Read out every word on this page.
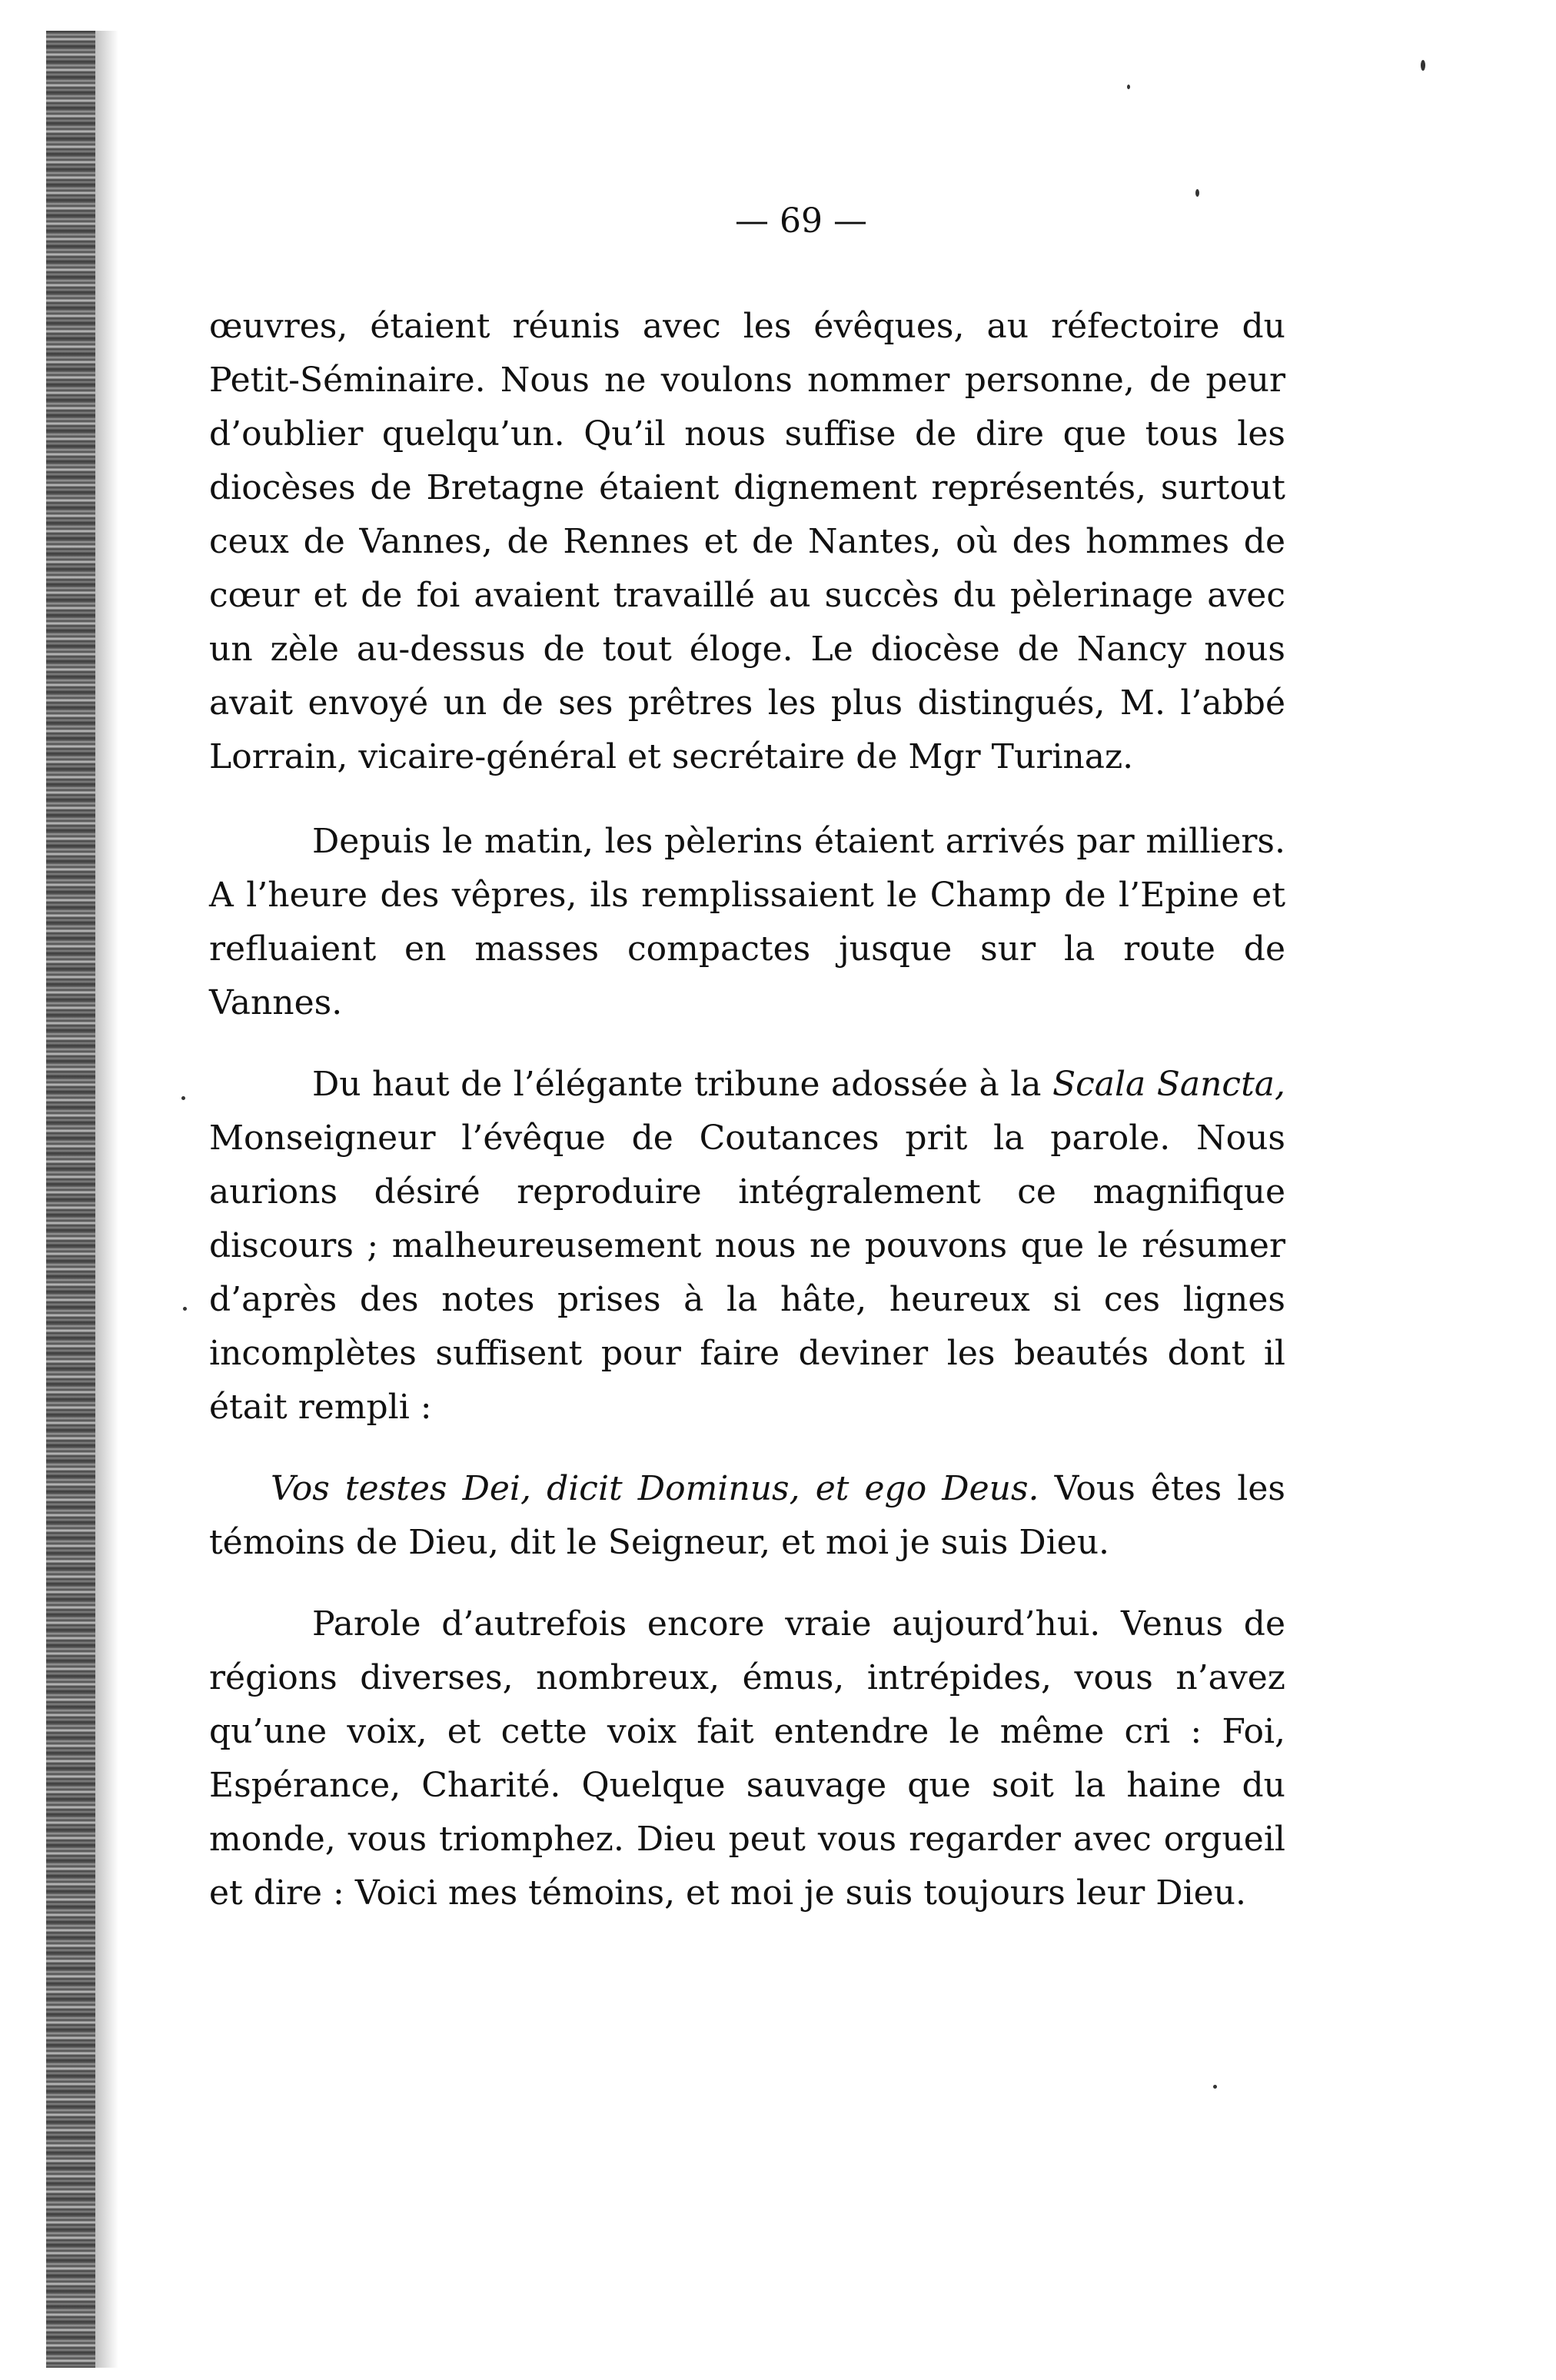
— 69 —

œuvres, étaient réunis avec les évêques, au réfectoire du Petit-Séminaire. Nous ne voulons nommer personne, de peur d’oublier quelqu’un. Qu’il nous suffise de dire que tous les diocèses de Bretagne étaient dignement représentés, surtout ceux de Vannes, de Rennes et de Nantes, où des hommes de cœur et de foi avaient travaillé au succès du pèlerinage avec un zèle au-dessus de tout éloge. Le diocèse de Nancy nous avait envoyé un de ses prêtres les plus distingués, M. l’abbé Lorrain, vicaire-général et secrétaire de Mgr Turinaz.

Depuis le matin, les pèlerins étaient arrivés par milliers. A l’heure des vêpres, ils remplissaient le Champ de l’Epine et refluaient en masses compactes jusque sur la route de Vannes.

Du haut de l’élégante tribune adossée à la Scala Sancta, Monseigneur l’évêque de Coutances prit la parole. Nous aurions désiré reproduire intégralement ce magnifique discours ; malheureusement nous ne pouvons que le résumer d’après des notes prises à la hâte, heureux si ces lignes incomplètes suffisent pour faire deviner les beautés dont il était rempli :

Vos testes Dei, dicit Dominus, et ego Deus. Vous êtes les témoins de Dieu, dit le Seigneur, et moi je suis Dieu.

Parole d’autrefois encore vraie aujourd’hui. Venus de régions diverses, nombreux, émus, intrépides, vous n’avez qu’une voix, et cette voix fait entendre le même cri : Foi, Espérance, Charité. Quelque sauvage que soit la haine du monde, vous triomphez. Dieu peut vous regarder avec orgueil et dire : Voici mes témoins, et moi je suis toujours leur Dieu.
